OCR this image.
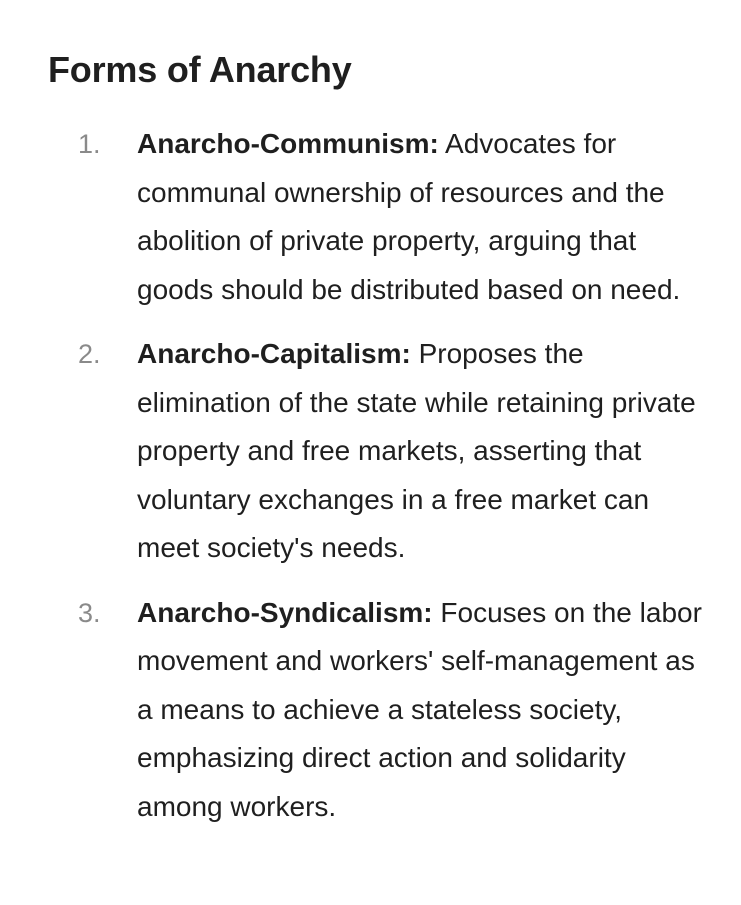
Forms of Anarchy
1. Anarcho-Communism: Advocates for communal ownership of resources and the abolition of private property, arguing that goods should be distributed based on need.
2. Anarcho-Capitalism: Proposes the elimination of the state while retaining private property and free markets, asserting that voluntary exchanges in a free market can meet society's needs.
3. Anarcho-Syndicalism: Focuses on the labor movement and workers' self-management as a means to achieve a stateless society, emphasizing direct action and solidarity among workers.
